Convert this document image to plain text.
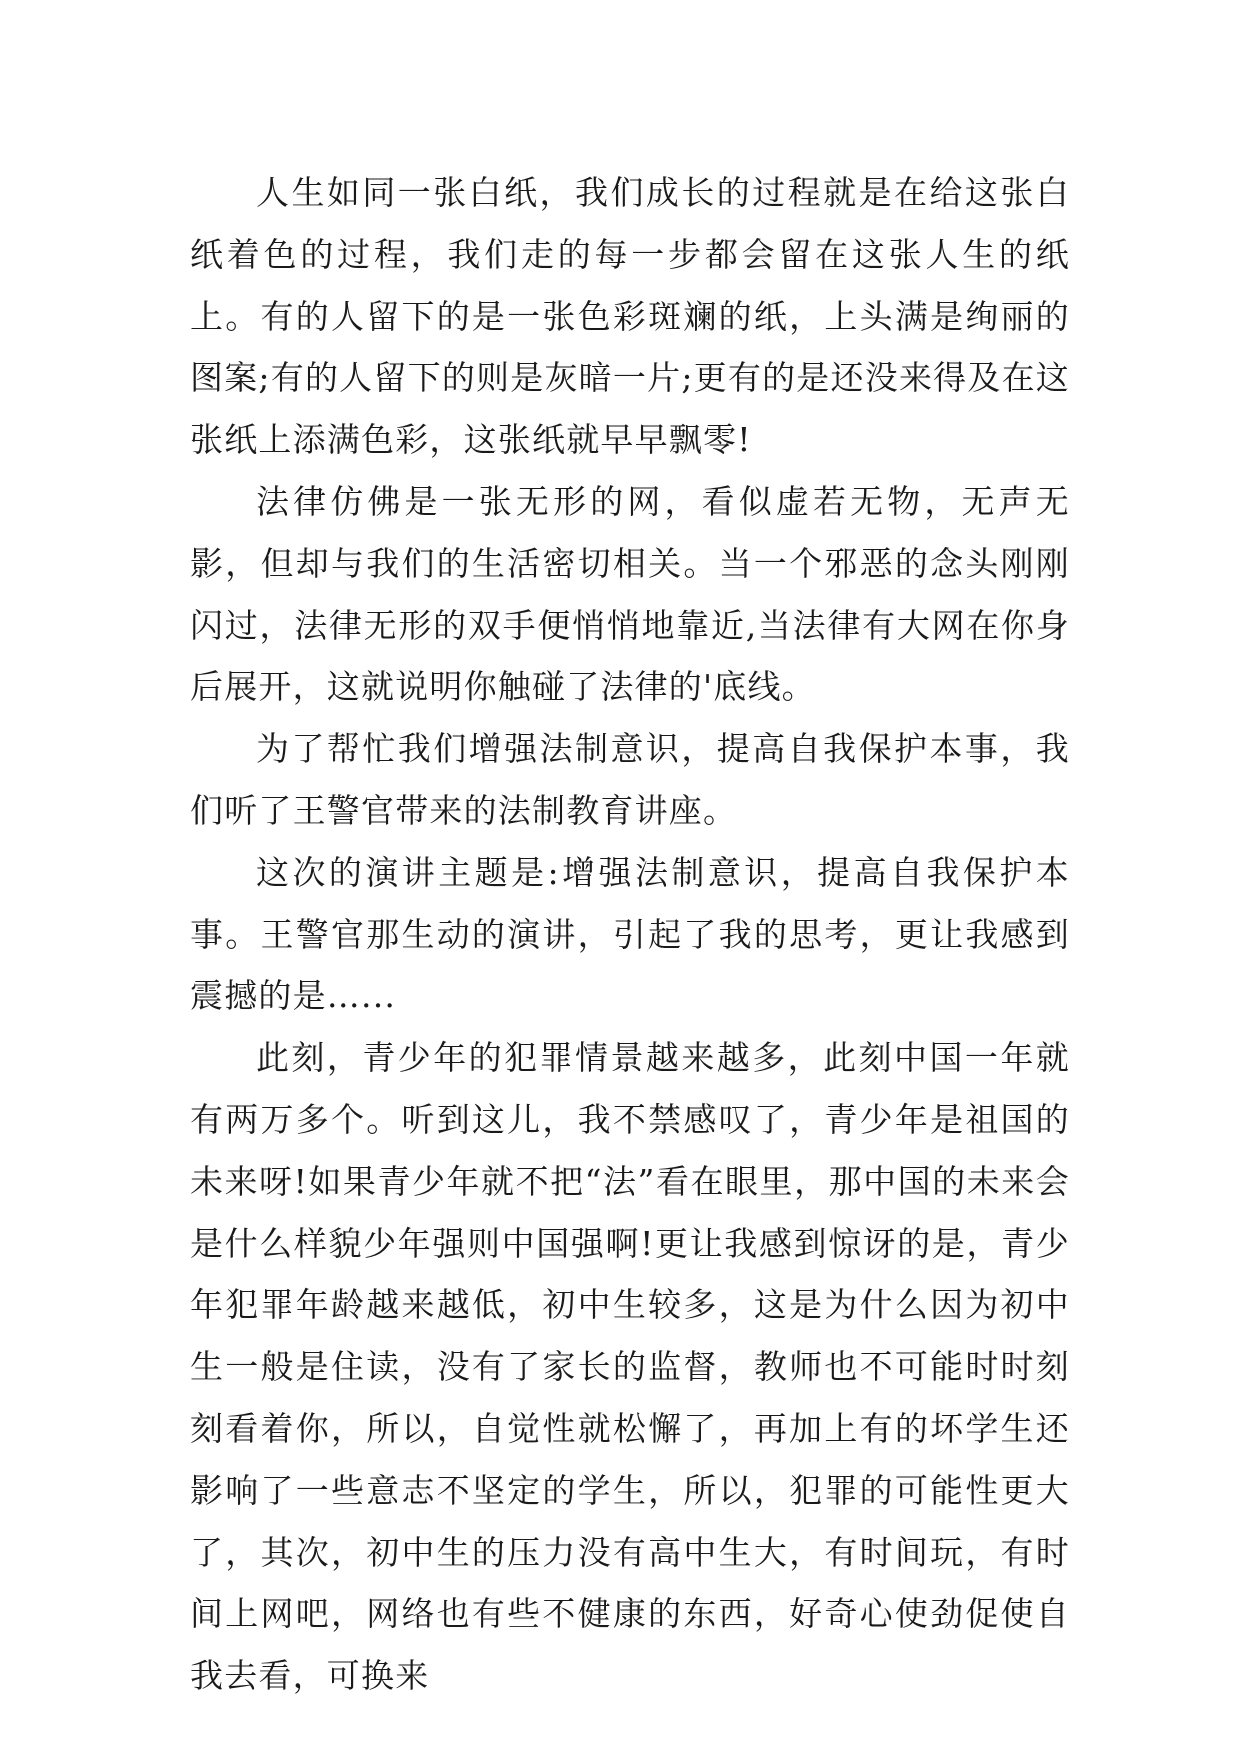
人生如同一张白纸，我们成长的过程就是在给这张白纸着色的过程，我们走的每一步都会留在这张人生的纸上。有的人留下的是一张色彩斑斓的纸，上头满是绚丽的图案;有的人留下的则是灰暗一片;更有的是还没来得及在这张纸上添满色彩，这张纸就早早飘零!

法律仿佛是一张无形的网，看似虚若无物，无声无影，但却与我们的生活密切相关。当一个邪恶的念头刚刚闪过，法律无形的双手便悄悄地靠近,当法律有大网在你身后展开，这就说明你触碰了法律的'底线。

为了帮忙我们增强法制意识，提高自我保护本事，我们听了王警官带来的法制教育讲座。

这次的演讲主题是:增强法制意识，提高自我保护本事。王警官那生动的演讲，引起了我的思考，更让我感到震撼的是…...

此刻，青少年的犯罪情景越来越多，此刻中国一年就有两万多个。听到这儿，我不禁感叹了，青少年是祖国的未来呀!如果青少年就不把“法”看在眼里，那中国的未来会是什么样貌少年强则中国强啊!更让我感到惊讶的是，青少年犯罪年龄越来越低，初中生较多，这是为什么因为初中生一般是住读，没有了家长的监督，教师也不可能时时刻刻看着你，所以，自觉性就松懈了，再加上有的坏学生还影响了一些意志不坚定的学生，所以，犯罪的可能性更大了，其次，初中生的压力没有高中生大，有时间玩，有时间上网吧，网络也有些不健康的东西，好奇心使劲促使自我去看，可换来
